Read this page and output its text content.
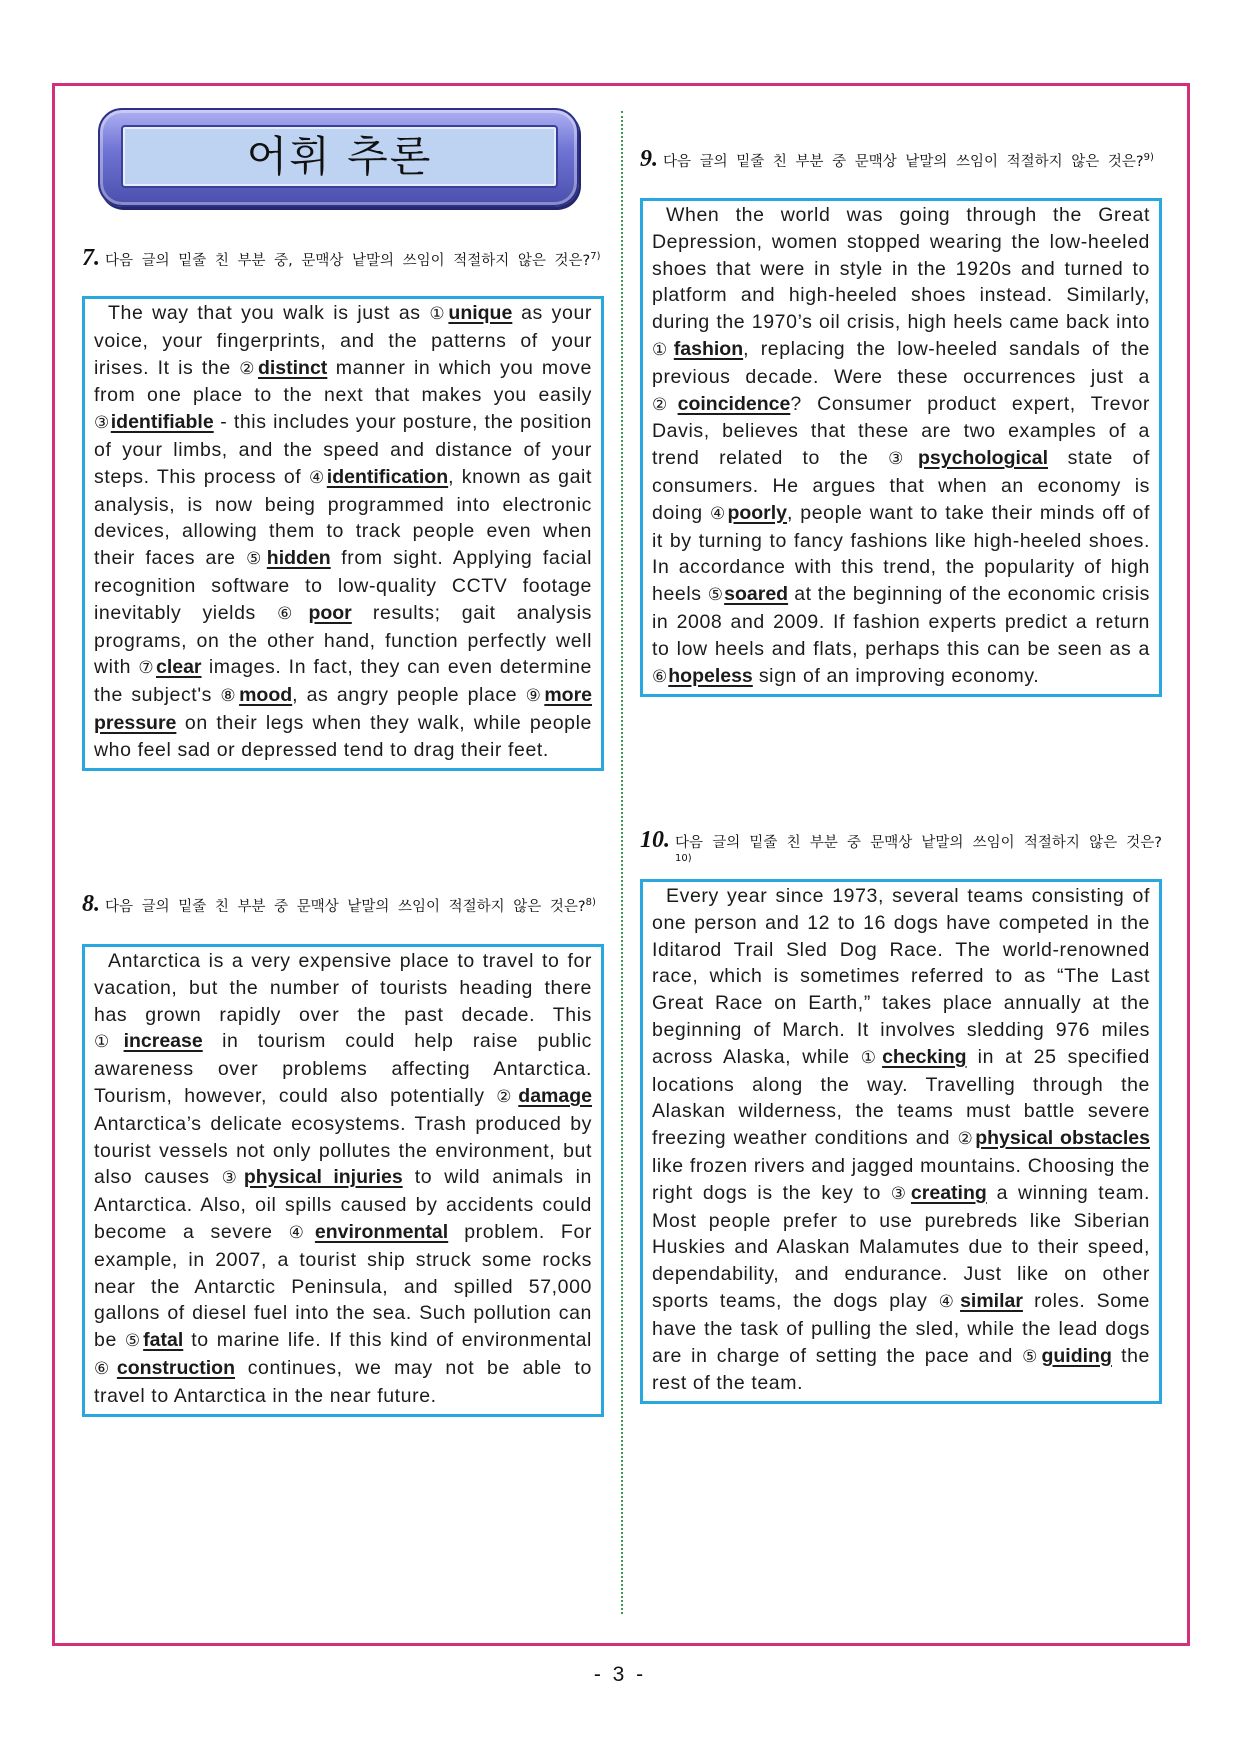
어휘 추론
7. 다음 글의 밑줄 친 부분 중, 문맥상 낱말의 쓰임이 적절하지 않은 것은?$^{7)}$
The way that you walk is just as ①unique as your voice, your fingerprints, and the patterns of your irises. It is the ②distinct manner in which you move from one place to the next that makes you easily ③identifiable - this includes your posture, the position of your limbs, and the speed and distance of your steps. This process of ④identification, known as gait analysis, is now being programmed into electronic devices, allowing them to track people even when their faces are ⑤hidden from sight. Applying facial recognition software to low-quality CCTV footage inevitably yields ⑥poor results; gait analysis programs, on the other hand, function perfectly well with ⑦clear images. In fact, they can even determine the subject's ⑧mood, as angry people place ⑨more pressure on their legs when they walk, while people who feel sad or depressed tend to drag their feet.
8. 다음 글의 밑줄 친 부분 중 문맥상 낱말의 쓰임이 적절하지 않은 것은?$^{8)}$
Antarctica is a very expensive place to travel to for vacation, but the number of tourists heading there has grown rapidly over the past decade. This ①increase in tourism could help raise public awareness over problems affecting Antarctica. Tourism, however, could also potentially ②damage Antarctica’s delicate ecosystems. Trash produced by tourist vessels not only pollutes the environment, but also causes ③physical injuries to wild animals in Antarctica. Also, oil spills caused by accidents could become a severe ④environmental problem. For example, in 2007, a tourist ship struck some rocks near the Antarctic Peninsula, and spilled 57,000 gallons of diesel fuel into the sea. Such pollution can be ⑤fatal to marine life. If this kind of environmental ⑥construction continues, we may not be able to travel to Antarctica in the near future.
9. 다음 글의 밑줄 친 부분 중 문맥상 낱말의 쓰임이 적절하지 않은 것은?$^{9)}$
When the world was going through the Great Depression, women stopped wearing the low-heeled shoes that were in style in the 1920s and turned to platform and high-heeled shoes instead. Similarly, during the 1970’s oil crisis, high heels came back into ①fashion, replacing the low-heeled sandals of the previous decade. Were these occurrences just a ②coincidence? Consumer product expert, Trevor Davis, believes that these are two examples of a trend related to the ③psychological state of consumers. He argues that when an economy is doing ④poorly, people want to take their minds off of it by turning to fancy fashions like high-heeled shoes. In accordance with this trend, the popularity of high heels ⑤soared at the beginning of the economic crisis in 2008 and 2009. If fashion experts predict a return to low heels and flats, perhaps this can be seen as a ⑥hopeless sign of an improving economy.
10. 다음 글의 밑줄 친 부분 중 문맥상 낱말의 쓰임이 적절하지 않은 것은?$^{10)}$
Every year since 1973, several teams consisting of one person and 12 to 16 dogs have competed in the Iditarod Trail Sled Dog Race. The world-renowned race, which is sometimes referred to as “The Last Great Race on Earth,” takes place annually at the beginning of March. It involves sledding 976 miles across Alaska, while ①checking in at 25 specified locations along the way. Travelling through the Alaskan wilderness, the teams must battle severe freezing weather conditions and ②physical obstacles like frozen rivers and jagged mountains. Choosing the right dogs is the key to ③creating a winning team. Most people prefer to use purebreds like Siberian Huskies and Alaskan Malamutes due to their speed, dependability, and endurance. Just like on other sports teams, the dogs play ④similar roles. Some have the task of pulling the sled, while the lead dogs are in charge of setting the pace and ⑤guiding the rest of the team.
- 3 -
